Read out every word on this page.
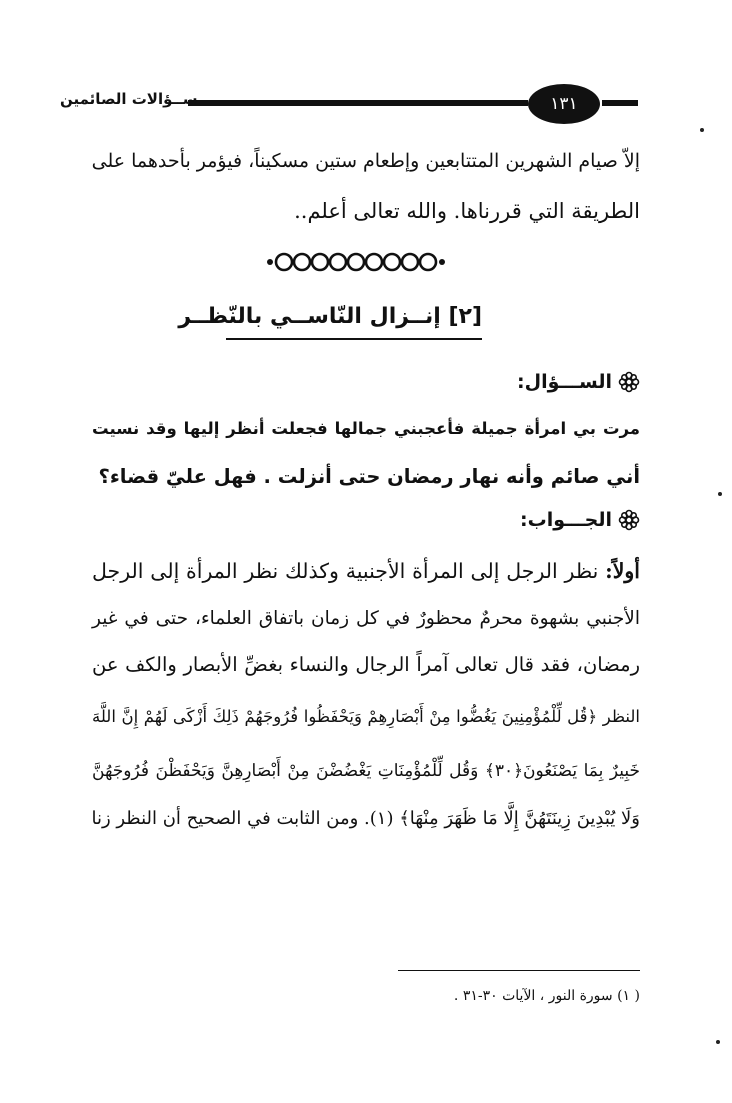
١٣١
ســؤالات الصائمين
إلاّ صيام الشهرين المتتابعين وإطعام ستين مسكيناً، فيؤمر بأحدهما على
الطريقة التي قررناها. والله تعالى أعلم..
[٢] إنــزال النّاســي بالنّظــر
الســـؤال:
مرت بي امرأة جميلة فأعجبني جمالها فجعلت أنظر إليها وقد نسيت
أني صائم وأنه نهار رمضان حتى أنزلت . فهل عليّ قضاء؟
الجـــواب:
أولاً: نظر الرجل إلى المرأة الأجنبية وكذلك نظر المرأة إلى الرجل
الأجنبي بشهوة محرمٌ محظورٌ في كل زمان باتفاق العلماء، حتى في غير
رمضان، فقد قال تعالى آمراً الرجال والنساء بغضِّ الأبصار والكف عن
النظر ﴿قُل لِّلْمُؤْمِنِينَ يَغُضُّوا مِنْ أَبْصَارِهِمْ وَيَحْفَظُوا فُرُوجَهُمْ ذَلِكَ أَزْكَى لَهُمْ إِنَّ اللَّهَ
خَبِيرٌ بِمَا يَصْنَعُونَ﴿٣٠﴾ وَقُل لِّلْمُؤْمِنَاتِ يَغْضُضْنَ مِنْ أَبْصَارِهِنَّ وَيَحْفَظْنَ فُرُوجَهُنَّ
وَلَا يُبْدِينَ زِينَتَهُنَّ إِلَّا مَا ظَهَرَ مِنْهَا﴾ (١). ومن الثابت في الصحيح أن النظر زنا
( ١) سورة النور ، الآيات ٣٠-٣١ .
